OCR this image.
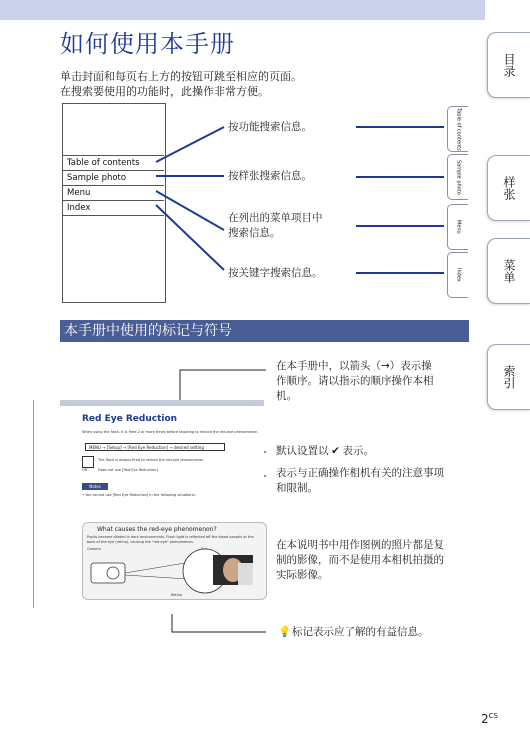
如何使用本手册
单击封面和每页右上方的按钮可跳至相应的页面。
在搜索要使用的功能时，此操作非常方便。
Table of contents
Sample photo
Menu
Index
按功能搜索信息。
按样张搜索信息。
在列出的菜单项目中
搜索信息。
按关键字搜索信息。
Table of contents
Sample photo
Menu
Index
目录
样张
菜单
索引
本手册中使用的标记与符号
Red Eye Reduction
When using the flash, it is fired 2 or more times before shooting to reduce the red-eye phenomenon.
MENU → [Setup] → [Red Eye Reduction] → desired setting
The flash is always fired to reduce the red-eye phenomenon.
Off	Does not use [Red Eye Reduction].
Notes
• You cannot use [Red Eye Reduction] in the following situations:
What causes the red-eye phenomenon?
Pupils become dilated in dark environments. Flash light is reflected off the blood vessels at the back of the eye (retina), causing the "red-eye" phenomenon.
Camera
Retina
在本手册中，以箭头（→）表示操
作顺序。请以指示的顺序操作本相
机。
默认设置以 ✔ 表示。
表示与正确操作相机有关的注意事项
和限制。
在本说明书中用作图例的照片都是复
制的影像，而不是使用本相机拍摄的
实际影像。
💡标记表示应了解的有益信息。
$2^{CS}$
